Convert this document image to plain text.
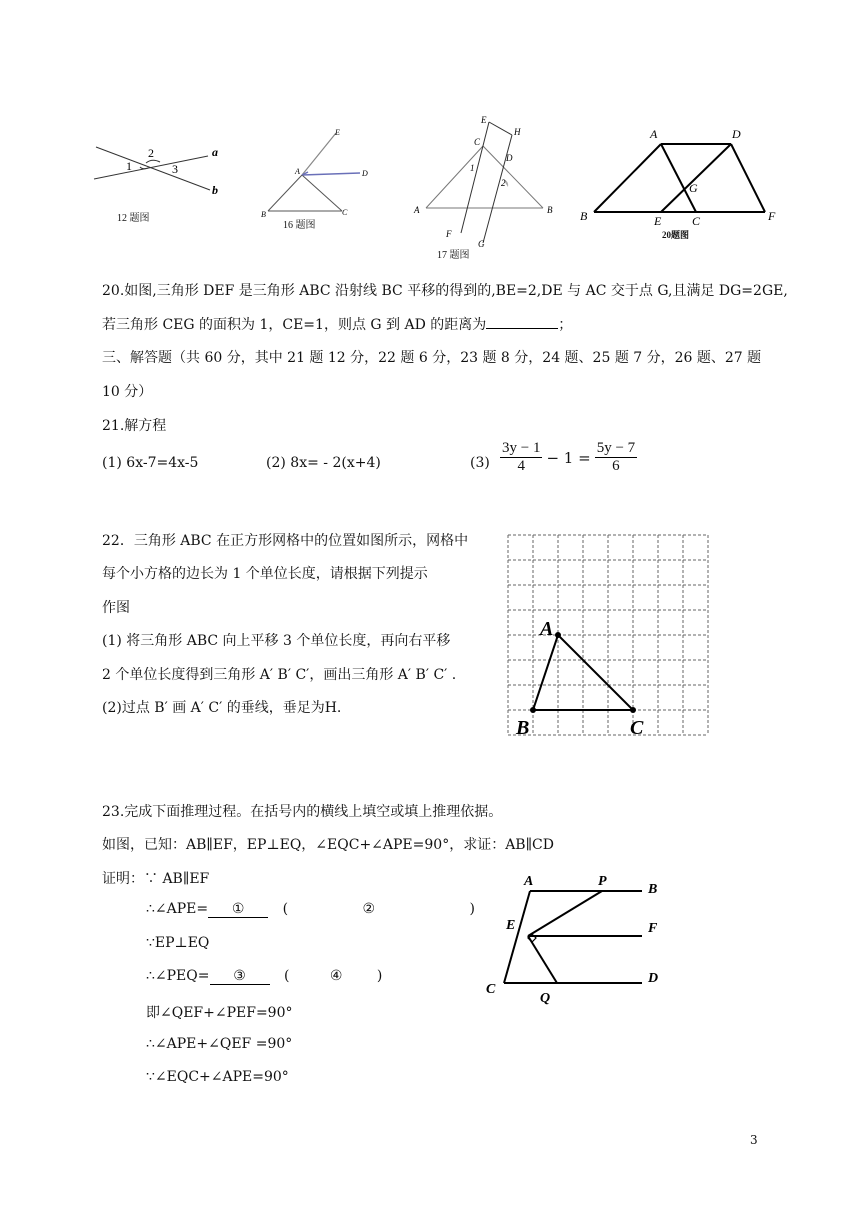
1
2
3
a
b
12 题图
E
A	D
B	C
16 题图
E
H
C
D
1
2
A	B
F
G
17 题图
A	D
G
B	E	C	F
20题图
20.如图,三角形 DEF 是三角形 ABC 沿射线 BC 平移的得到的,BE=2,DE 与 AC 交于点 G,且满足 DG=2GE,
若三角形 CEG 的面积为 1，CE=1，则点 G 到 AD 的距离为	；
三、解答题（共 60 分，其中 21 题 12 分，22 题 6 分，23 题 8 分，24 题、25 题 7 分，26 题、27 题
10 分）
21.解方程
(1) 6x-7=4x-5	(2) 8x= - 2(x+4)	$(3) \frac{3y - 1}{4} - 1 = \frac{5y - 7}{6}$
22．三角形 ABC 在正方形网格中的位置如图所示，网格中
每个小方格的边长为 1 个单位长度，请根据下列提示
作图
(1) 将三角形 ABC 向上平移 3 个单位长度，再向右平移
2 个单位长度得到三角形 A′ B′ C′，画出三角形 A′ B′ C′ .
(2)过点 B′ 画 A′ C′ 的垂线，垂足为H.
A
B	C
23.完成下面推理过程。在括号内的横线上填空或填上推理依据。
如图，已知：AB∥EF，EP⊥EQ，∠EQC+∠APE=90°，求证：AB∥CD
证明：∵ AB∥EF
∴∠APE= ①	(	②	)
∵EP⊥EQ
∴∠PEQ= ③	(	④ )
即∠QEF+∠PEF=90°
∴∠APE+∠QEF =90°
∵∠EQC+∠APE=90°
A	P
B
E	F
C
Q
D
3
